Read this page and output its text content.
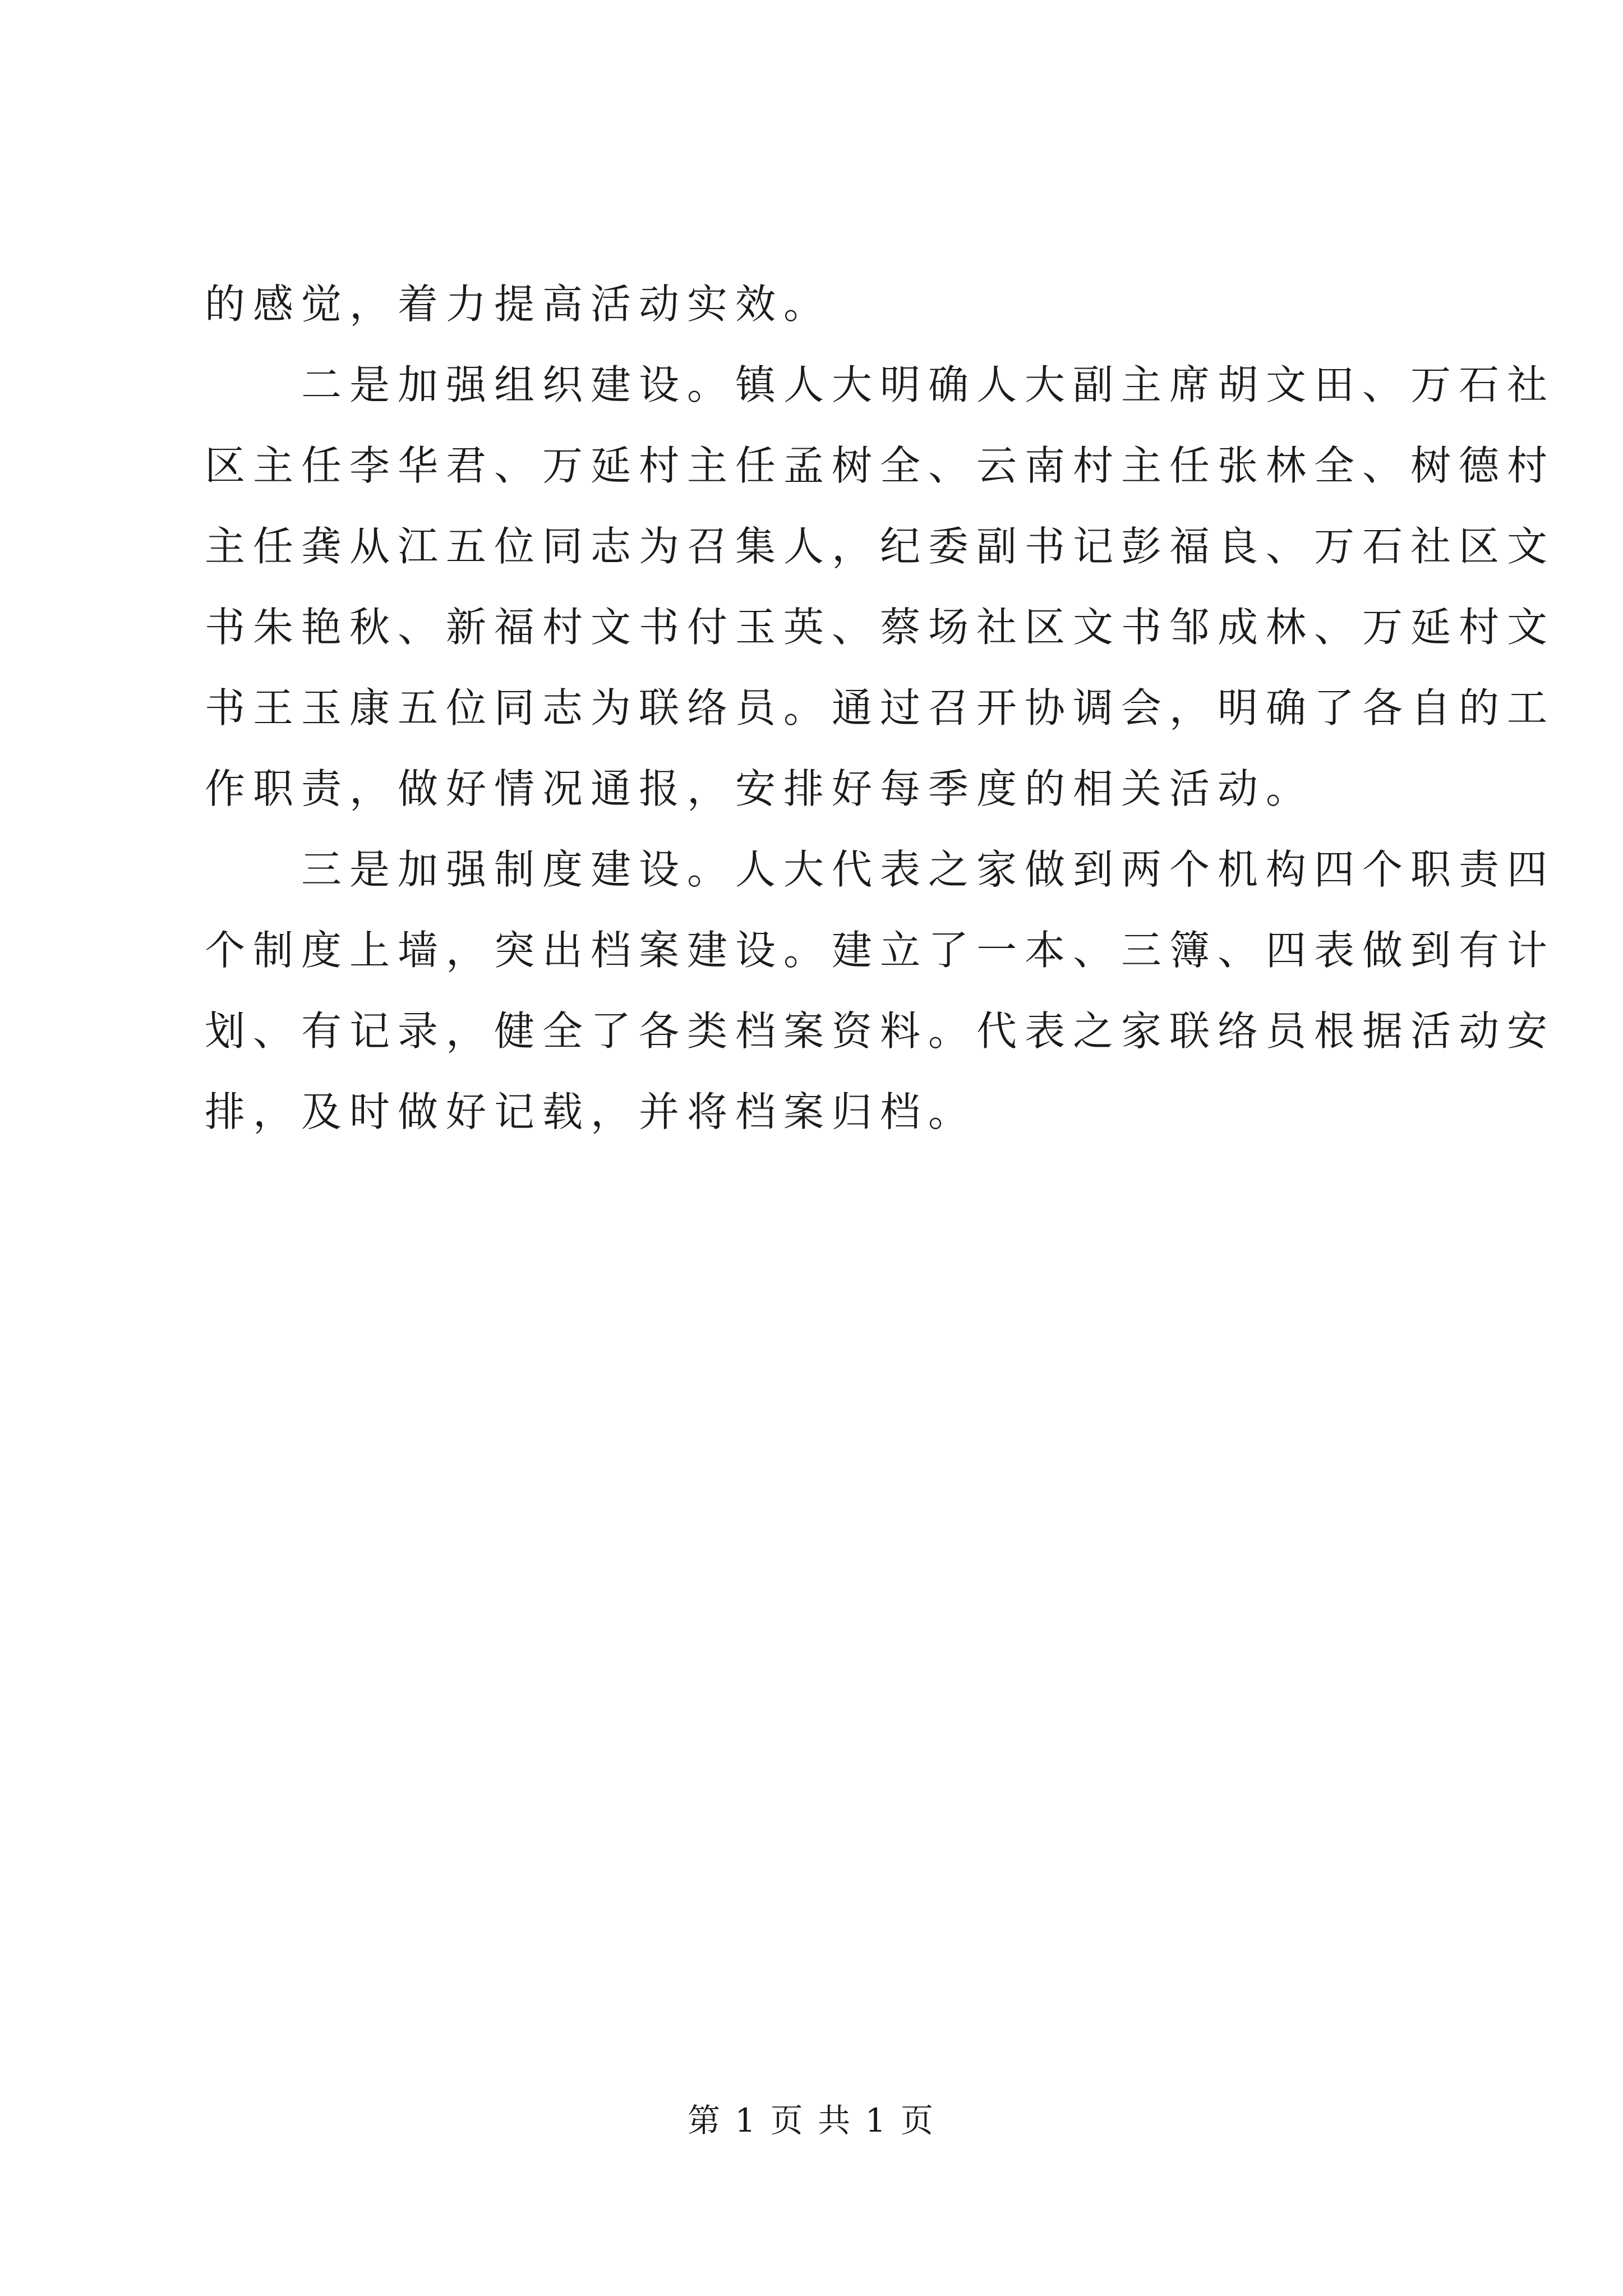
的感觉，着力提高活动实效。
二是加强组织建设。镇人大明确人大副主席胡文田、万石社
区主任李华君、万延村主任孟树全、云南村主任张林全、树德村
主任龚从江五位同志为召集人，纪委副书记彭福良、万石社区文
书朱艳秋、新福村文书付玉英、蔡场社区文书邹成林、万延村文
书王玉康五位同志为联络员。通过召开协调会，明确了各自的工
作职责，做好情况通报，安排好每季度的相关活动。
三是加强制度建设。人大代表之家做到两个机构四个职责四
个制度上墙，突出档案建设。建立了一本、三簿、四表做到有计
划、有记录，健全了各类档案资料。代表之家联络员根据活动安
排，及时做好记载，并将档案归档。
第 1 页 共 1 页
